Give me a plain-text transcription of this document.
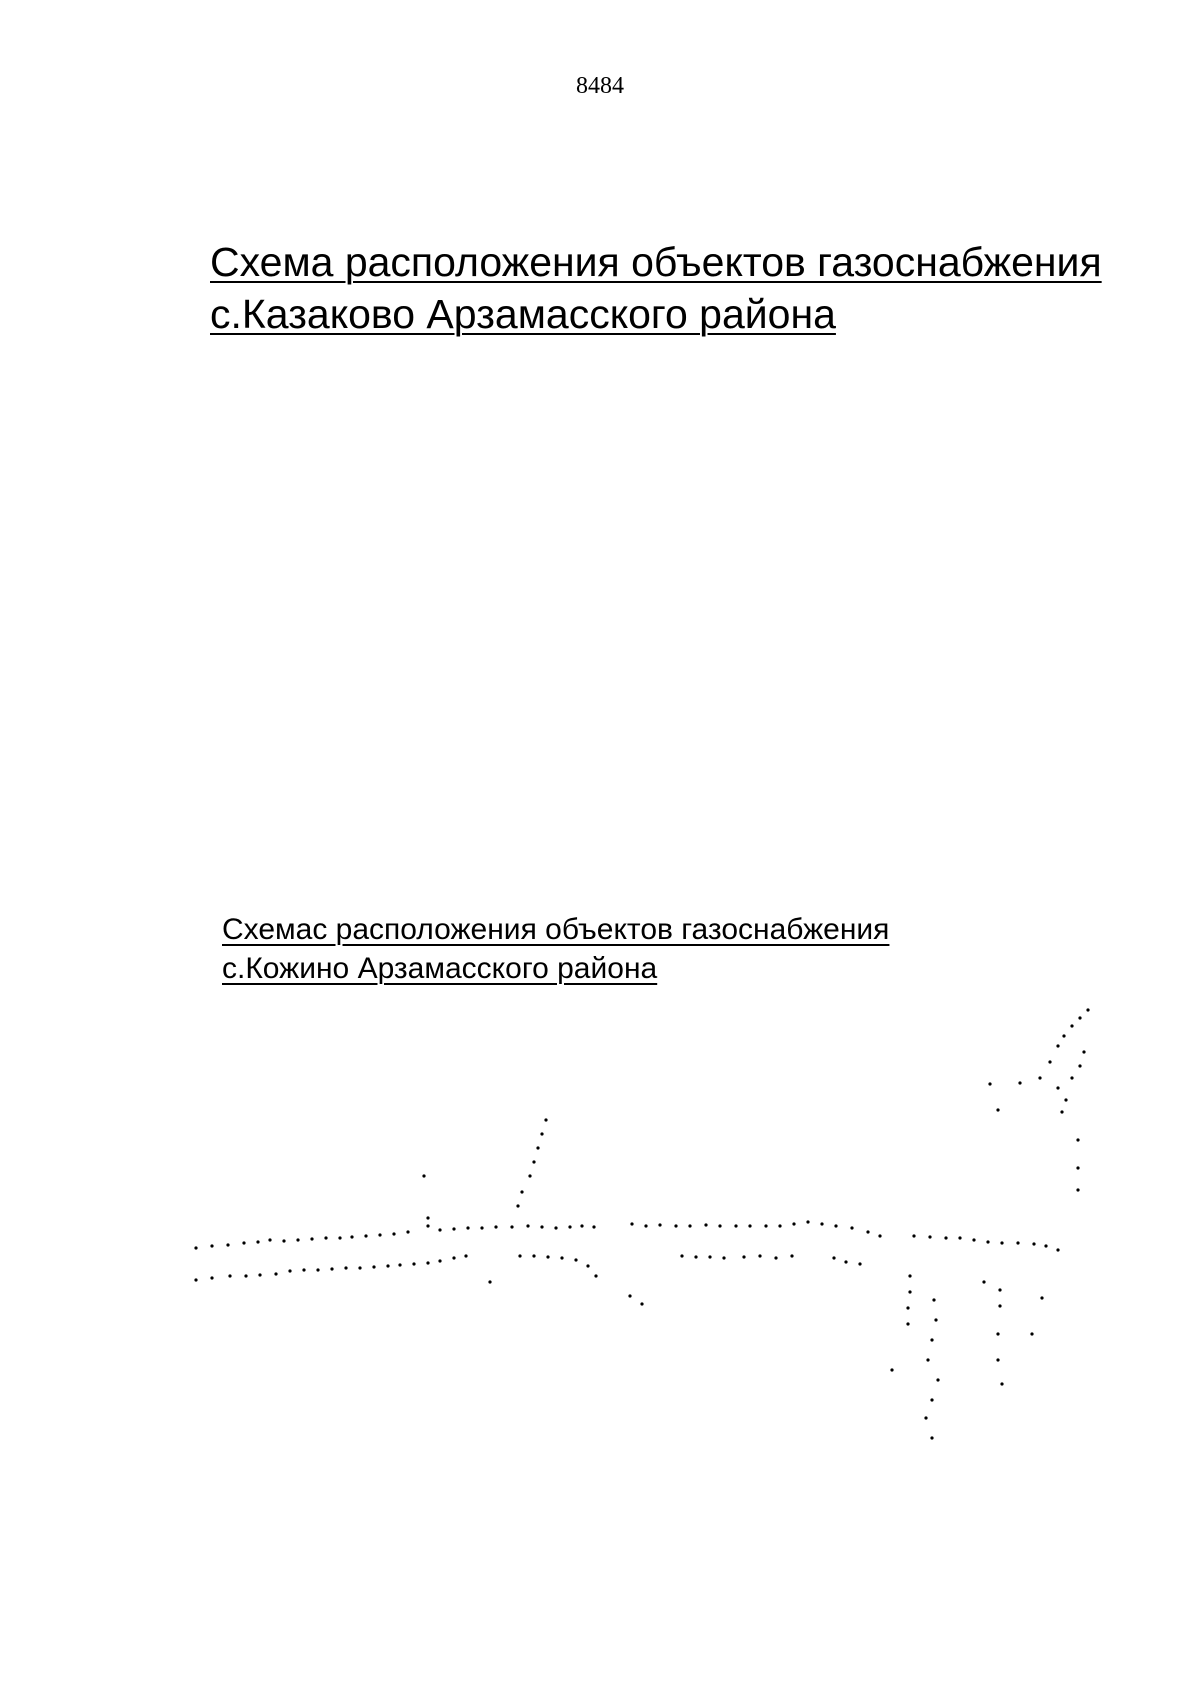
8484
Схема расположения объектов газоснабжения
с.Казаково Арзамасского района
Схемас расположения объектов газоснабжения
с.Кожино Арзамасского района
